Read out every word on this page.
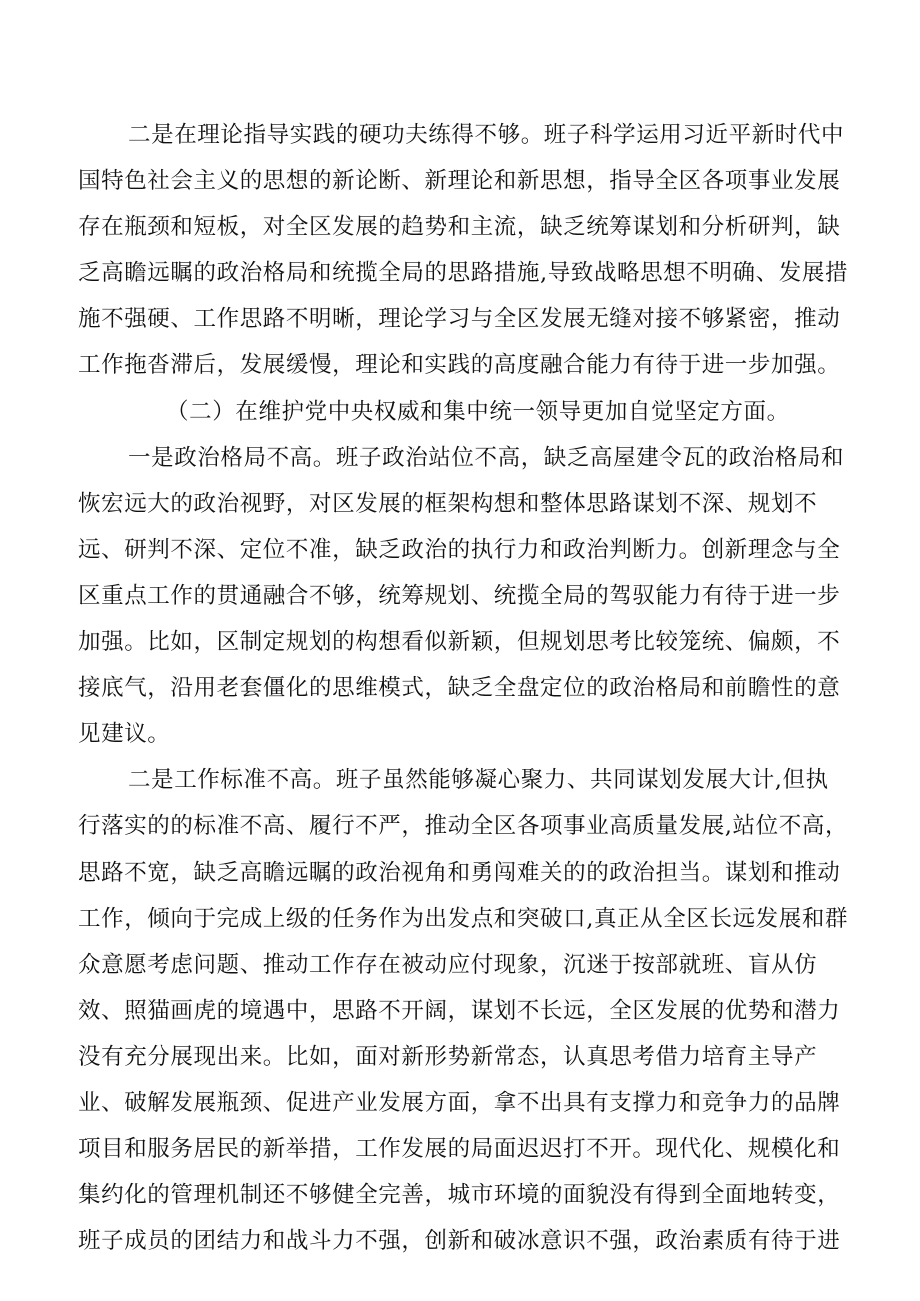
二是在理论指导实践的硬功夫练得不够。班子科学运用习近平新时代中
国特色社会主义的思想的新论断、新理论和新思想，指导全区各项事业发展
存在瓶颈和短板，对全区发展的趋势和主流，缺乏统筹谋划和分析研判，缺
乏高瞻远瞩的政治格局和统揽全局的思路措施,导致战略思想不明确、发展措
施不强硬、工作思路不明晰，理论学习与全区发展无缝对接不够紧密，推动
工作拖沓滞后，发展缓慢，理论和实践的高度融合能力有待于进一步加强。
（二）在维护党中央权威和集中统一领导更加自觉坚定方面。
一是政治格局不高。班子政治站位不高，缺乏高屋建令瓦的政治格局和
恢宏远大的政治视野，对区发展的框架构想和整体思路谋划不深、规划不
远、研判不深、定位不准，缺乏政治的执行力和政治判断力。创新理念与全
区重点工作的贯通融合不够，统筹规划、统揽全局的驾驭能力有待于进一步
加强。比如，区制定规划的构想看似新颖，但规划思考比较笼统、偏颇，不
接底气，沿用老套僵化的思维模式，缺乏全盘定位的政治格局和前瞻性的意
见建议。
二是工作标准不高。班子虽然能够凝心聚力、共同谋划发展大计,但执
行落实的的标准不高、履行不严，推动全区各项事业高质量发展,站位不高，
思路不宽，缺乏高瞻远瞩的政治视角和勇闯难关的的政治担当。谋划和推动
工作，倾向于完成上级的任务作为出发点和突破口,真正从全区长远发展和群
众意愿考虑问题、推动工作存在被动应付现象，沉迷于按部就班、盲从仿
效、照猫画虎的境遇中，思路不开阔，谋划不长远，全区发展的优势和潜力
没有充分展现出来。比如，面对新形势新常态，认真思考借力培育主导产
业、破解发展瓶颈、促进产业发展方面，拿不出具有支撑力和竞争力的品牌
项目和服务居民的新举措，工作发展的局面迟迟打不开。现代化、规模化和
集约化的管理机制还不够健全完善，城市环境的面貌没有得到全面地转变，
班子成员的团结力和战斗力不强，创新和破冰意识不强，政治素质有待于进
